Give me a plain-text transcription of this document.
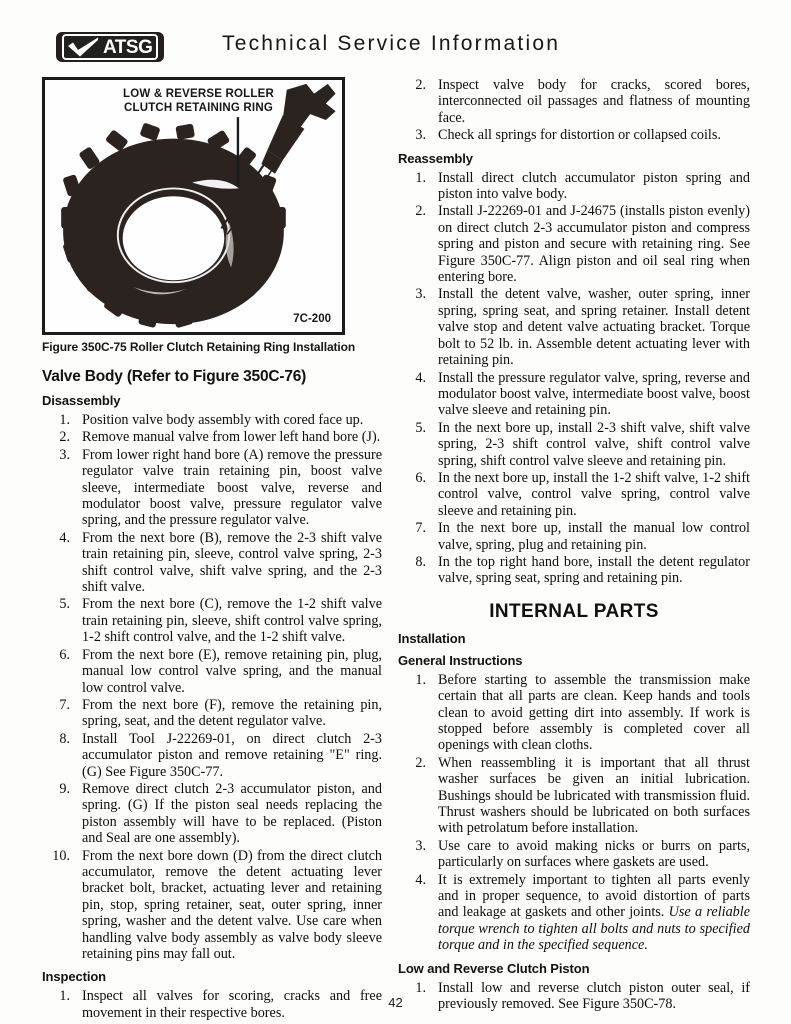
ATSG	Technical Service Information
LOW & REVERSE ROLLER
CLUTCH RETAINING RING
7C-200
Figure 350C-75 Roller Clutch Retaining Ring Installation
Valve Body (Refer to Figure 350C-76)
Disassembly
1. Position valve body assembly with cored face up.
2. Remove manual valve from lower left hand bore (J).
3. From lower right hand bore (A) remove the pressure regulator valve train retaining pin, boost valve sleeve, intermediate boost valve, reverse and modulator boost valve, pressure regulator valve spring, and the pressure regulator valve.
4. From the next bore (B), remove the 2-3 shift valve train retaining pin, sleeve, control valve spring, 2-3 shift control valve, shift valve spring, and the 2-3 shift valve.
5. From the next bore (C), remove the 1-2 shift valve train retaining pin, sleeve, shift control valve spring, 1-2 shift control valve, and the 1-2 shift valve.
6. From the next bore (E), remove retaining pin, plug, manual low control valve spring, and the manual low control valve.
7. From the next bore (F), remove the retaining pin, spring, seat, and the detent regulator valve.
8. Install Tool J-22269-01, on direct clutch 2-3 accumulator piston and remove retaining "E" ring. (G) See Figure 350C-77.
9. Remove direct clutch 2-3 accumulator piston, and spring. (G) If the piston seal needs replacing the piston assembly will have to be replaced. (Piston and Seal are one assembly).
10. From the next bore down (D) from the direct clutch accumulator, remove the detent actuating lever bracket bolt, bracket, actuating lever and retaining pin, stop, spring retainer, seat, outer spring, inner spring, washer and the detent valve. Use care when handling valve body assembly as valve body sleeve retaining pins may fall out.
Inspection
1. Inspect all valves for scoring, cracks and free movement in their respective bores.
2. Inspect valve body for cracks, scored bores, interconnected oil passages and flatness of mounting face.
3. Check all springs for distortion or collapsed coils.
Reassembly
1. Install direct clutch accumulator piston spring and piston into valve body.
2. Install J-22269-01 and J-24675 (installs piston evenly) on direct clutch 2-3 accumulator piston and compress spring and piston and secure with retaining ring. See Figure 350C-77. Align piston and oil seal ring when entering bore.
3. Install the detent valve, washer, outer spring, inner spring, spring seat, and spring retainer. Install detent valve stop and detent valve actuating bracket. Torque bolt to 52 lb. in. Assemble detent actuating lever with retaining pin.
4. Install the pressure regulator valve, spring, reverse and modulator boost valve, intermediate boost valve, boost valve sleeve and retaining pin.
5. In the next bore up, install 2-3 shift valve, shift valve spring, 2-3 shift control valve, shift control valve spring, shift control valve sleeve and retaining pin.
6. In the next bore up, install the 1-2 shift valve, 1-2 shift control valve, control valve spring, control valve sleeve and retaining pin.
7. In the next bore up, install the manual low control valve, spring, plug and retaining pin.
8. In the top right hand bore, install the detent regulator valve, spring seat, spring and retaining pin.
INTERNAL PARTS
Installation
General Instructions
1. Before starting to assemble the transmission make certain that all parts are clean. Keep hands and tools clean to avoid getting dirt into assembly. If work is stopped before assembly is completed cover all openings with clean cloths.
2. When reassembling it is important that all thrust washer surfaces be given an initial lubrication. Bushings should be lubricated with transmission fluid. Thrust washers should be lubricated on both surfaces with petrolatum before installation.
3. Use care to avoid making nicks or burrs on parts, particularly on surfaces where gaskets are used.
4. It is extremely important to tighten all parts evenly and in proper sequence, to avoid distortion of parts and leakage at gaskets and other joints. Use a reliable torque wrench to tighten all bolts and nuts to specified torque and in the specified sequence.
Low and Reverse Clutch Piston
1. Install low and reverse clutch piston outer seal, if previously removed. See Figure 350C-78.
42
